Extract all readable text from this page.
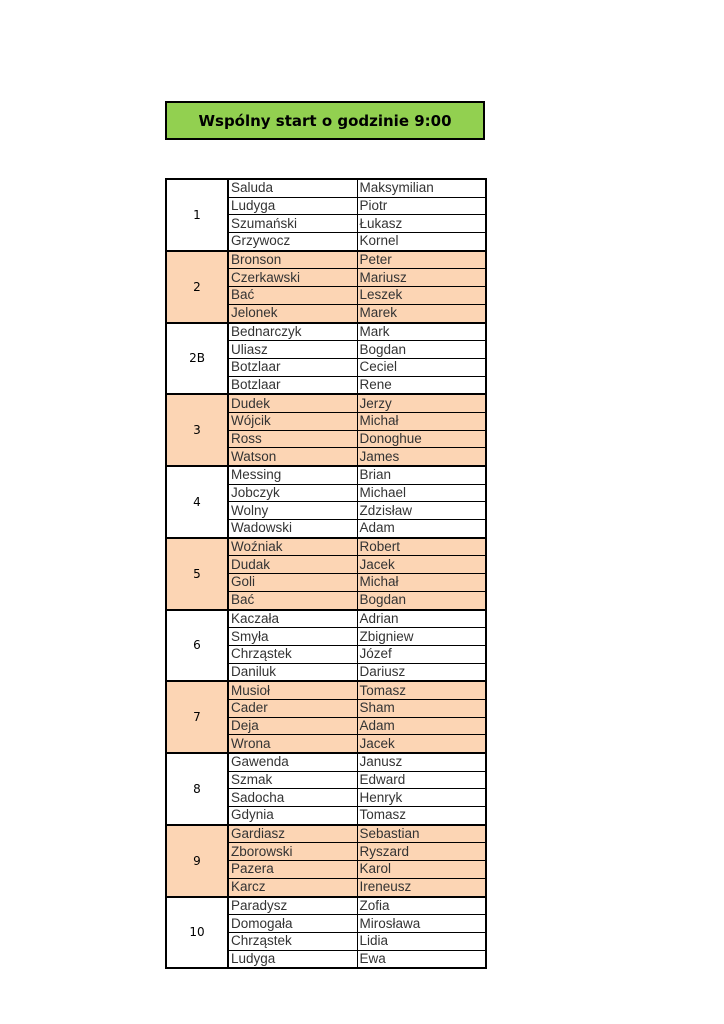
Wspólny start o godzinie 9:00
1	Saluda	Maksymilian
	Ludyga	Piotr
	Szumański	Łukasz
	Grzywocz	Kornel
2	Bronson	Peter
	Czerkawski	Mariusz
	Bać	Leszek
	Jelonek	Marek
2B	Bednarczyk	Mark
	Uliasz	Bogdan
	Botzlaar	Ceciel
	Botzlaar	Rene
3	Dudek	Jerzy
	Wójcik	Michał
	Ross	Donoghue
	Watson	James
4	Messing	Brian
	Jobczyk	Michael
	Wolny	Zdzisław
	Wadowski	Adam
5	Woźniak	Robert
	Dudak	Jacek
	Goli	Michał
	Bać	Bogdan
6	Kaczała	Adrian
	Smyła	Zbigniew
	Chrząstek	Józef
	Daniluk	Dariusz
7	Musioł	Tomasz
	Cader	Sham
	Deja	Adam
	Wrona	Jacek
8	Gawenda	Janusz
	Szmak	Edward
	Sadocha	Henryk
	Gdynia	Tomasz
9	Gardiasz	Sebastian
	Zborowski	Ryszard
	Pazera	Karol
	Karcz	Ireneusz
10	Paradysz	Zofia
	Domogała	Mirosława
	Chrząstek	Lidia
	Ludyga	Ewa
